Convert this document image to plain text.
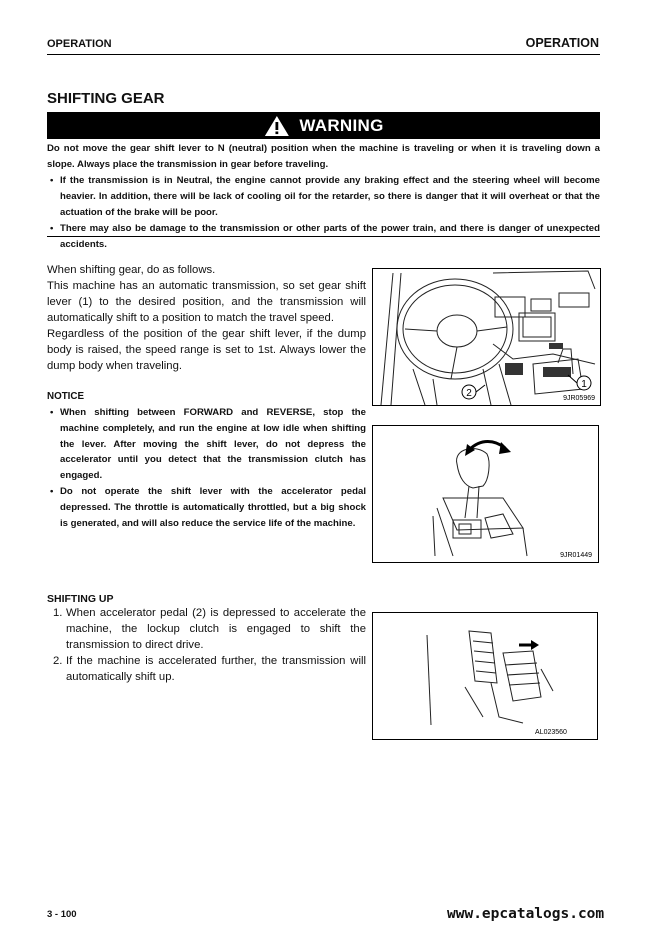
OPERATION	OPERATION
SHIFTING GEAR
WARNING

Do not move the gear shift lever to N (neutral) position when the machine is traveling or when it is traveling down a slope. Always place the transmission in gear before traveling.

• If the transmission is in Neutral, the engine cannot provide any braking effect and the steering wheel will become heavier. In addition, there will be lack of cooling oil for the retarder, so there is danger that it will overheat or that the actuation of the brake will be poor.
• There may also be damage to the transmission or other parts of the power train, and there is danger of unexpected accidents.

When shifting gear, do as follows.

This machine has an automatic transmission, so set gear shift lever (1) to the desired position, and the transmission will automatically shift to a position to match the travel speed.

Regardless of the position of the gear shift lever, if the dump body is raised, the speed range is set to 1st. Always lower the dump body when traveling.

NOTICE
• When shifting between FORWARD and REVERSE, stop the machine completely, and run the engine at low idle when shifting the lever. After moving the shift lever, do not depress the accelerator until you detect that the transmission clutch has engaged.
• Do not operate the shift lever with the accelerator pedal depressed. The throttle is automatically throttled, but a big shock is generated, and will also reduce the service life of the machine.
SHIFTING UP
1. When accelerator pedal (2) is depressed to accelerate the machine, the lockup clutch is engaged to shift the transmission to direct drive.
2. If the machine is accelerated further, the transmission will automatically shift up.
1
2	9JR05969
9JR01449
AL023560
3 - 100	www.epcatalogs.com
